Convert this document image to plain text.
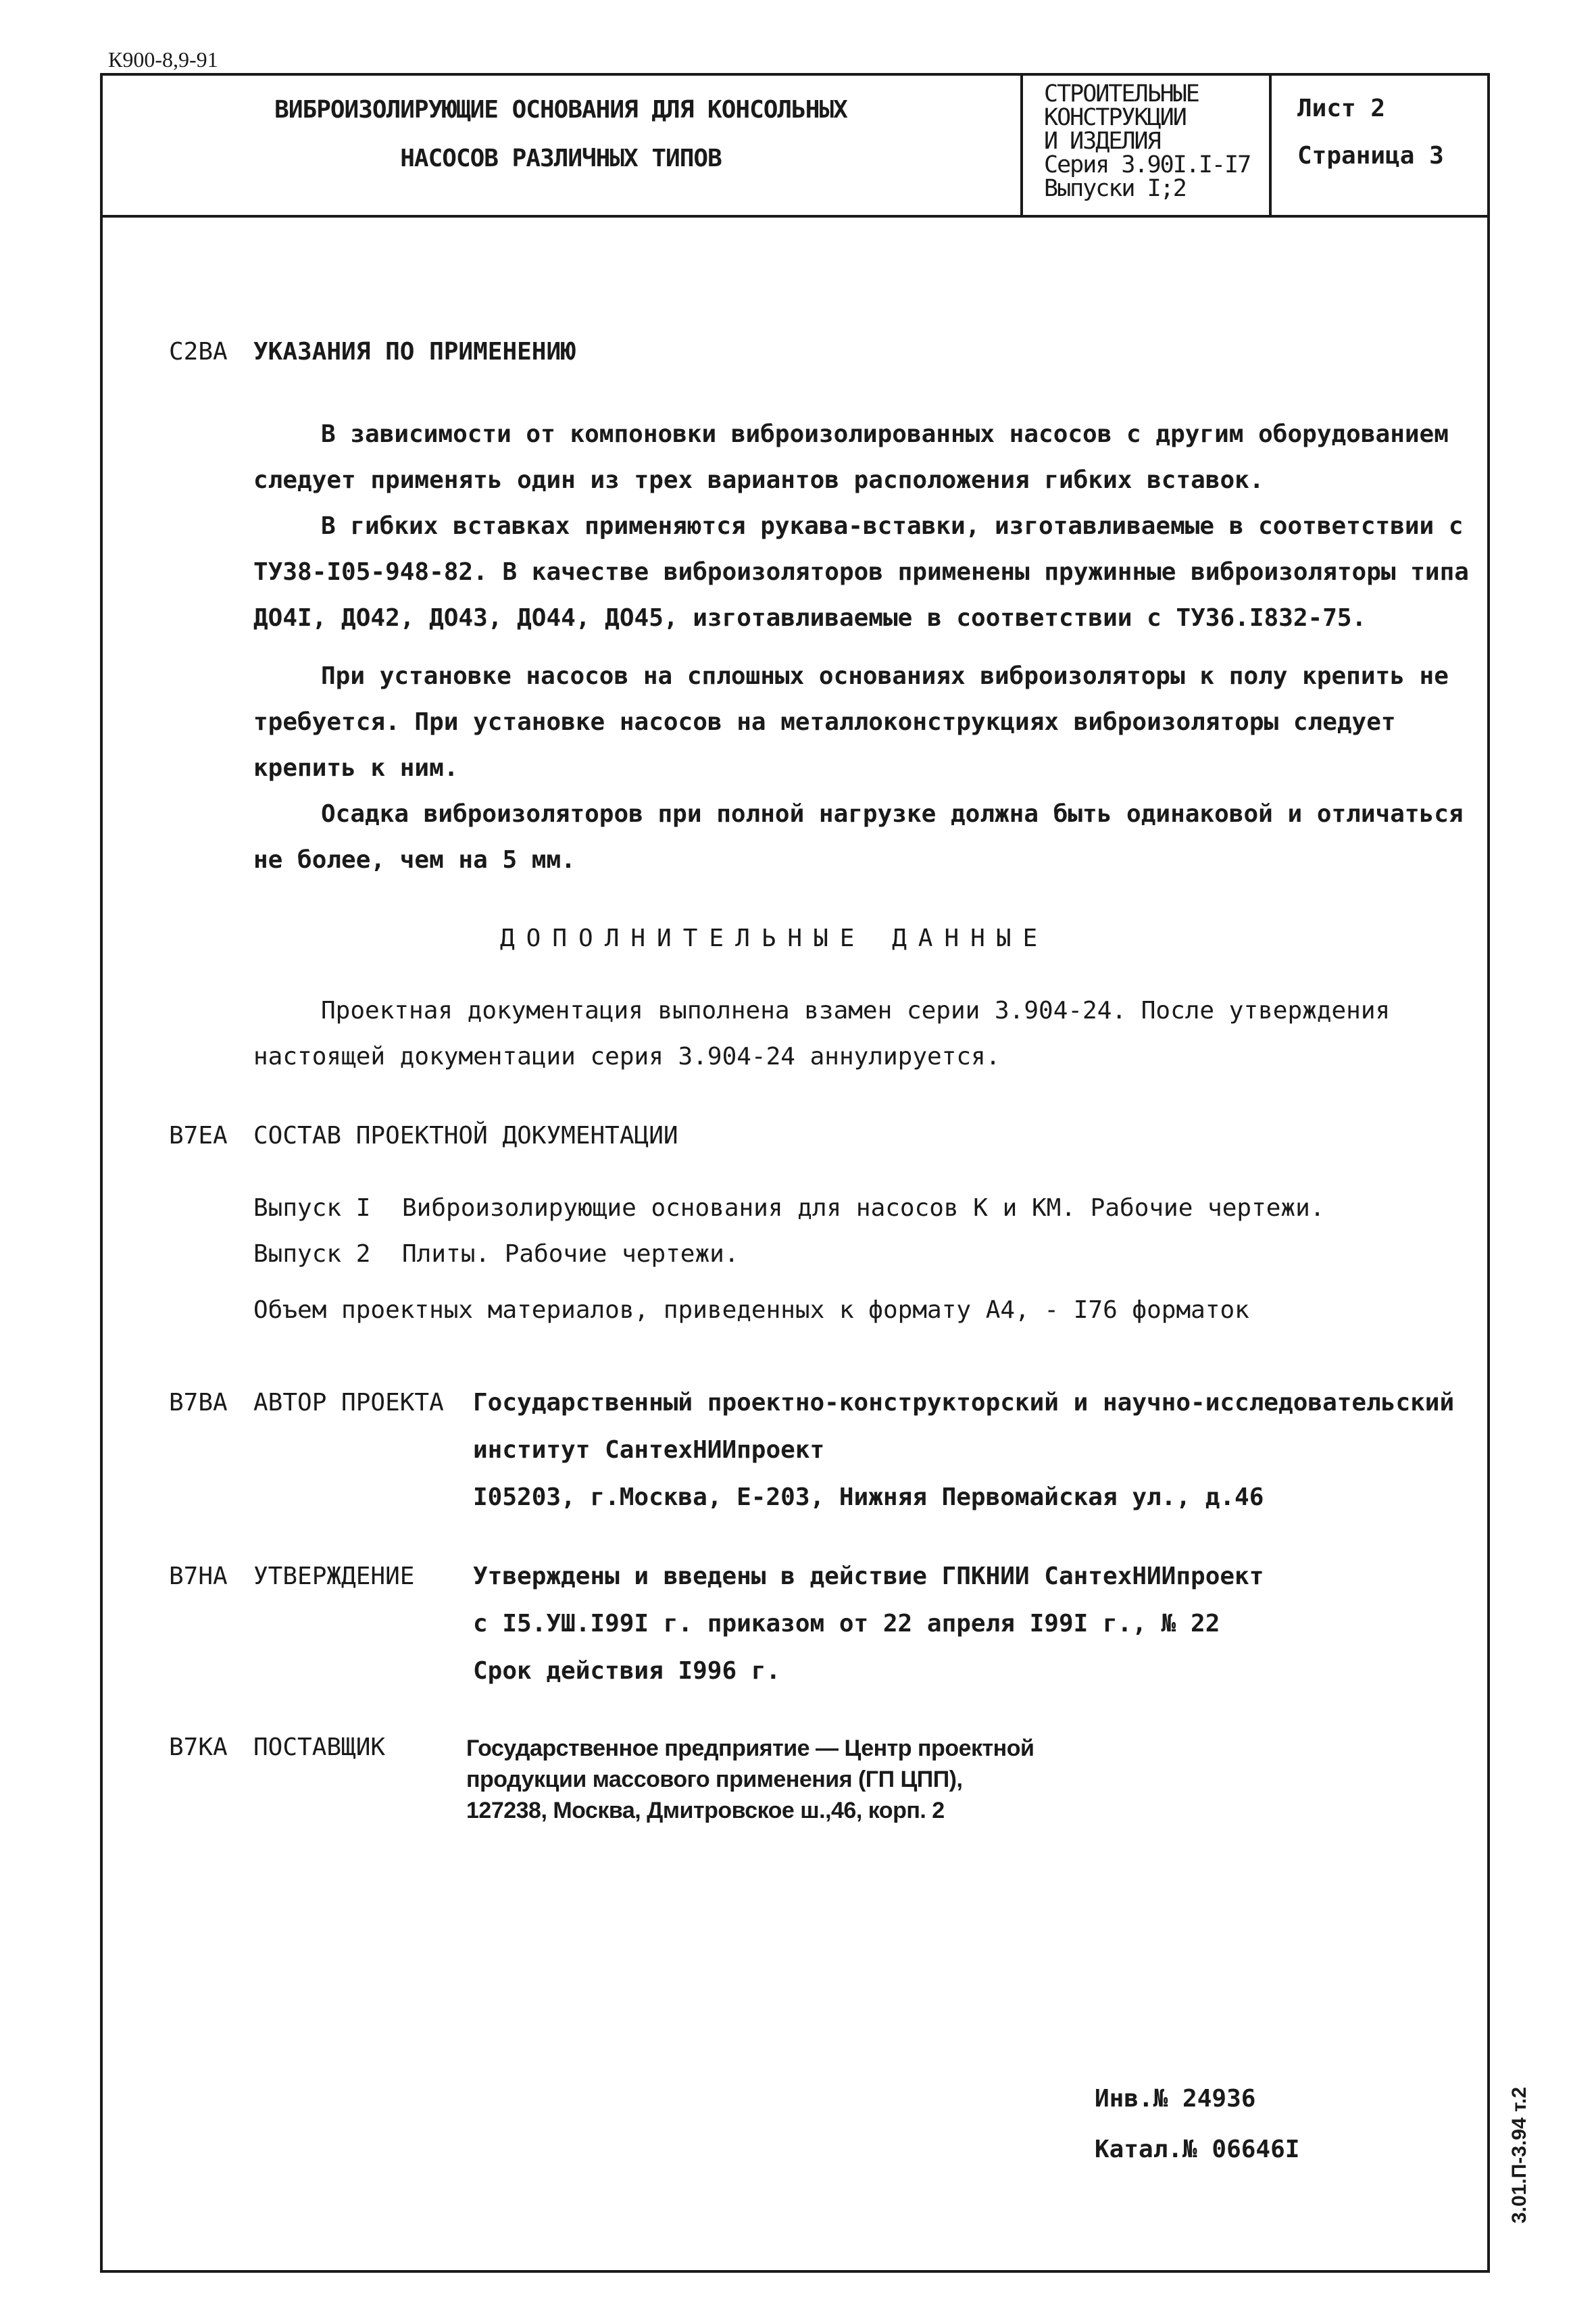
К900-8,9-91
ВИБРОИЗОЛИРУЮЩИЕ ОСНОВАНИЯ ДЛЯ КОНСОЛЬНЫХ
НАСОСОВ РАЗЛИЧНЫХ ТИПОВ
СТРОИТЕЛЬНЫЕ
КОНСТРУКЦИИ
И ИЗДЕЛИЯ
Серия 3.90I.I-I7
Выпуски I;2
Лист 2
Страница 3
C2BA УКАЗАНИЯ ПО ПРИМЕНЕНИЮ
В зависимости от компоновки виброизолированных насосов с другим оборудованием
следует применять один из трех вариантов расположения гибких вставок.
В гибких вставках применяются рукава-вставки, изготавливаемые в соответствии с
ТУ38-I05-948-82. В качестве виброизоляторов применены пружинные виброизоляторы типа
ДО4I, ДО42, ДО43, ДО44, ДО45, изготавливаемые в соответствии с ТУ36.I832-75.
При установке насосов на сплошных основаниях виброизоляторы к полу крепить не
требуется. При установке насосов на металлоконструкциях виброизоляторы следует
крепить к ним.
Осадка виброизоляторов при полной нагрузке должна быть одинаковой и отличаться
не более, чем на 5 мм.
ДОПОЛНИТЕЛЬНЫЕ ДАННЫЕ
Проектная документация выполнена взамен серии 3.904-24. После утверждения
настоящей документации серия 3.904-24 аннулируется.
B7EA СОСТАВ ПРОЕКТНОЙ ДОКУМЕНТАЦИИ
Выпуск I Виброизолирующие основания для насосов К и КМ. Рабочие чертежи.
Выпуск 2 Плиты. Рабочие чертежи.
Объем проектных материалов, приведенных к формату А4, - I76 форматок
B7BA АВТОР ПРОЕКТА Государственный проектно-конструкторский и научно-исследовательский
институт СантехНИИпроект
I05203, г.Москва, Е-203, Нижняя Первомайская ул., д.46
B7HA УТВЕРЖДЕНИЕ Утверждены и введены в действие ГПКНИИ СантехНИИпроект
с I5.УШ.I99I г. приказом от 22 апреля I99I г., № 22
Срок действия I996 г.
B7KA ПОСТАВЩИК	Государственное предприятие — Центр проектной
продукции массового применения (ГП ЦПП),
127238, Москва, Дмитровское ш.,46, корп. 2
Инв.№ 24936
Катал.№ 06646I	3.01.П-3.94 т.2
